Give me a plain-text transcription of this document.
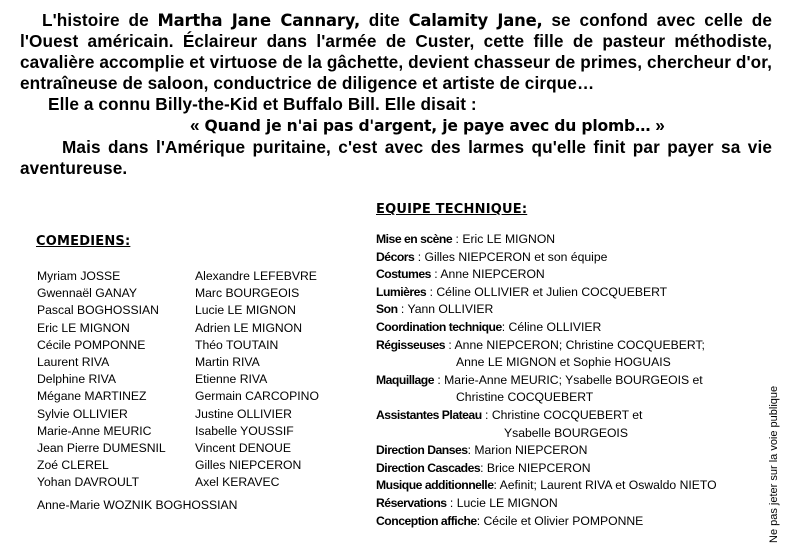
L'histoire de Martha Jane Cannary, dite Calamity Jane, se confond avec celle de l'Ouest américain. Éclaireur dans l'armée de Custer, cette fille de pasteur méthodiste, cavalière accomplie et virtuose de la gâchette, devient chasseur de primes, chercheur d'or, entraîneuse de saloon, conductrice de diligence et artiste de cirque…

Elle a connu Billy-the-Kid et Buffalo Bill. Elle disait :

« Quand je n'ai pas d'argent, je paye avec du plomb… »

Mais dans l'Amérique puritaine, c'est avec des larmes qu'elle finit par payer sa vie aventureuse.

COMEDIENS:
Myriam JOSSE
Gwennaël GANAY
Pascal BOGHOSSIAN
Eric LE MIGNON
Cécile POMPONNE
Laurent RIVA
Delphine RIVA
Mégane MARTINEZ
Sylvie OLLIVIER
Marie-Anne MEURIC
Jean Pierre DUMESNIL
Zoé CLEREL
Yohan DAVROULT
Alexandre LEFEBVRE
Marc BOURGEOIS
Lucie LE MIGNON
Adrien LE MIGNON
Théo TOUTAIN
Martin RIVA
Etienne RIVA
Germain CARCOPINO
Justine OLLIVIER
Isabelle YOUSSIF
Vincent DENOUE
Gilles NIEPCERON
Axel KERAVEC
Anne-Marie WOZNIK BOGHOSSIAN
EQUIPE TECHNIQUE:
Mise en scène : Eric LE MIGNON
Décors : Gilles NIEPCERON et son équipe
Costumes : Anne NIEPCERON
Lumières : Céline OLLIVIER et Julien COCQUEBERT
Son : Yann OLLIVIER
Coordination technique: Céline OLLIVIER
Régisseuses : Anne NIEPCERON; Christine COCQUEBERT;
Anne LE MIGNON et Sophie HOGUAIS
Maquillage : Marie-Anne MEURIC; Ysabelle BOURGEOIS et
Christine COCQUEBERT
Assistantes Plateau : Christine COCQUEBERT et
Ysabelle BOURGEOIS
Direction Danses: Marion NIEPCERON
Direction Cascades: Brice NIEPCERON
Musique additionnelle: Aefinit; Laurent RIVA et Oswaldo NIETO
Réservations : Lucie LE MIGNON
Conception affiche: Cécile et Olivier POMPONNE	Ne pas jeter sur la voie publique
